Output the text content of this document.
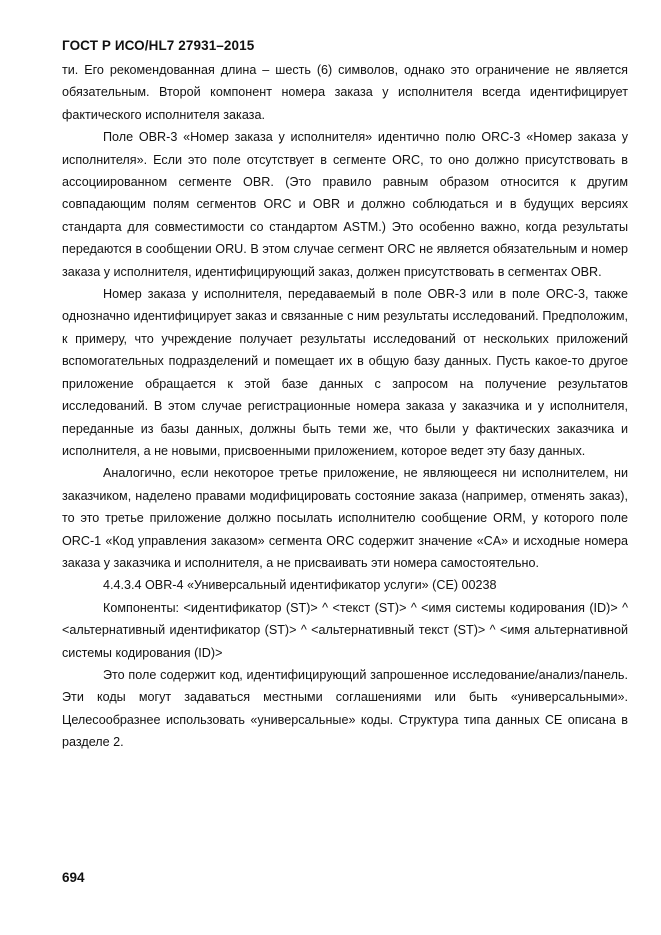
ГОСТ Р ИСО/HL7 27931–2015

ти. Его рекомендованная длина – шесть (6) символов, однако это ограничение не является обязательным. Второй компонент номера заказа у исполнителя всегда идентифицирует фактического исполнителя заказа.

Поле OBR-3 «Номер заказа у исполнителя» идентично полю ORC-3 «Номер заказа у исполнителя». Если это поле отсутствует в сегменте ORC, то оно должно присутствовать в ассоциированном сегменте OBR. (Это правило равным образом относится к другим совпадающим полям сегментов ORC и OBR и должно соблюдаться и в будущих версиях стандарта для совместимости со стандартом ASTM.) Это особенно важно, когда результаты передаются в сообщении ORU. В этом случае сегмент ORC не является обязательным и номер заказа у исполнителя, идентифицирующий заказ, должен присутствовать в сегментах OBR.

Номер заказа у исполнителя, передаваемый в поле OBR-3 или в поле ORC-3, также однозначно идентифицирует заказ и связанные с ним результаты исследований. Предположим, к примеру, что учреждение получает результаты исследований от нескольких приложений вспомогательных подразделений и помещает их в общую базу данных. Пусть какое-то другое приложение обращается к этой базе данных с запросом на получение результатов исследований. В этом случае регистрационные номера заказа у заказчика и у исполнителя, переданные из базы данных, должны быть теми же, что были у фактических заказчика и исполнителя, а не новыми, присвоенными приложением, которое ведет эту базу данных.

Аналогично, если некоторое третье приложение, не являющееся ни исполнителем, ни заказчиком, наделено правами модифицировать состояние заказа (например, отменять заказ), то это третье приложение должно посылать исполнителю сообщение ORM, у которого поле ORC-1 «Код управления заказом» сегмента ORC содержит значение «CA» и исходные номера заказа у заказчика и исполнителя, а не присваивать эти номера самостоятельно.

4.4.3.4 OBR-4 «Универсальный идентификатор услуги» (CE) 00238

Компоненты: <идентификатор (ST)> ^ <текст (ST)> ^ <имя системы кодирования (ID)> ^ <альтернативный идентификатор (ST)> ^ <альтернативный текст (ST)> ^ <имя альтернативной системы кодирования (ID)>

Это поле содержит код, идентифицирующий запрошенное исследование/анализ/панель. Эти коды могут задаваться местными соглашениями или быть «универсальными». Целесообразнее использовать «универсальные» коды. Структура типа данных CE описана в разделе 2.

694
